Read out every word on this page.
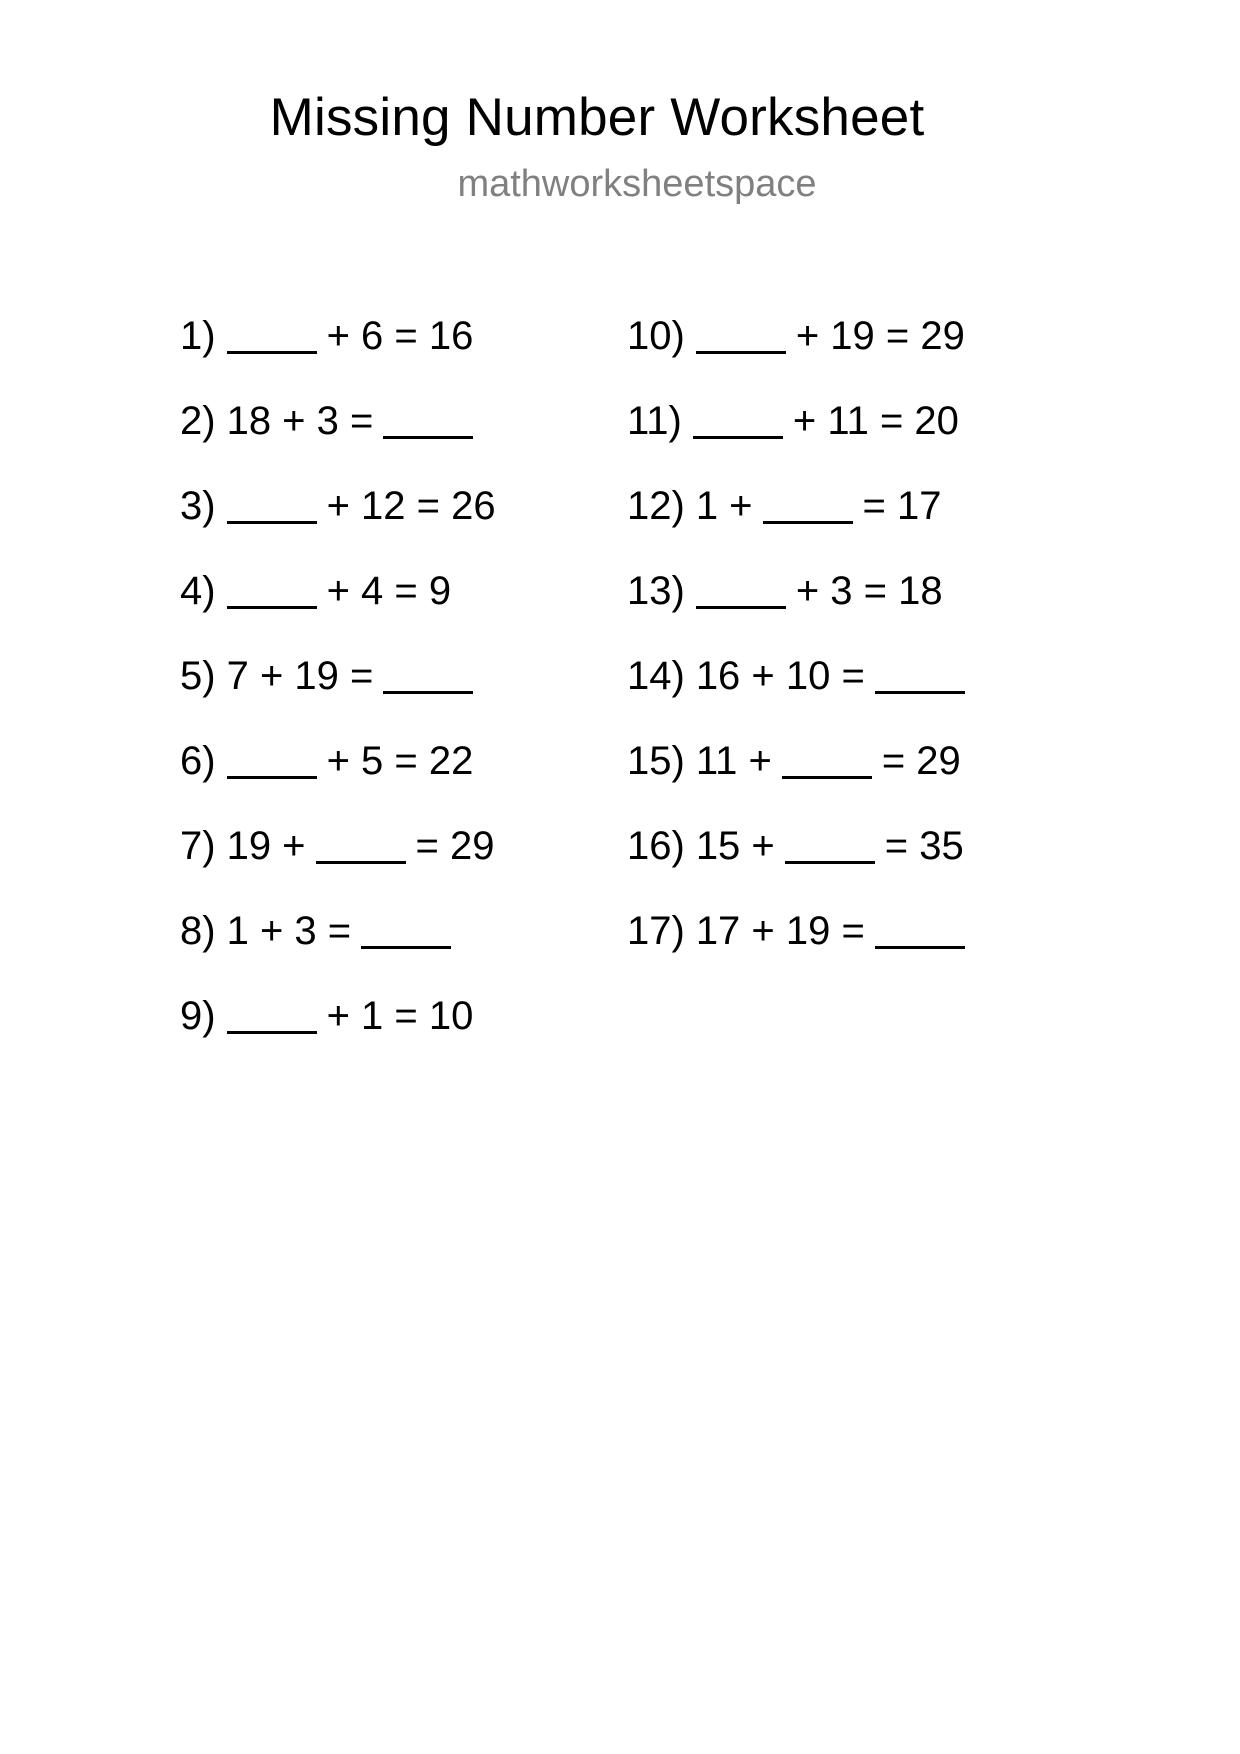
Missing Number Worksheet
mathworksheetspace
1)	+ 6 = 16
2) 18 + 3 =
3)	+ 12 = 26
4)	+ 4 = 9
5) 7 + 19 =
6)	+ 5 = 22
7) 19 +	= 29
8) 1 + 3 =
9)	+ 1 = 10
10)	+ 19 = 29
11)	+ 11 = 20
12) 1 +	= 17
13)	+ 3 = 18
14) 16 + 10 =
15) 11 +	= 29
16) 15 +	= 35
17) 17 + 19 =
